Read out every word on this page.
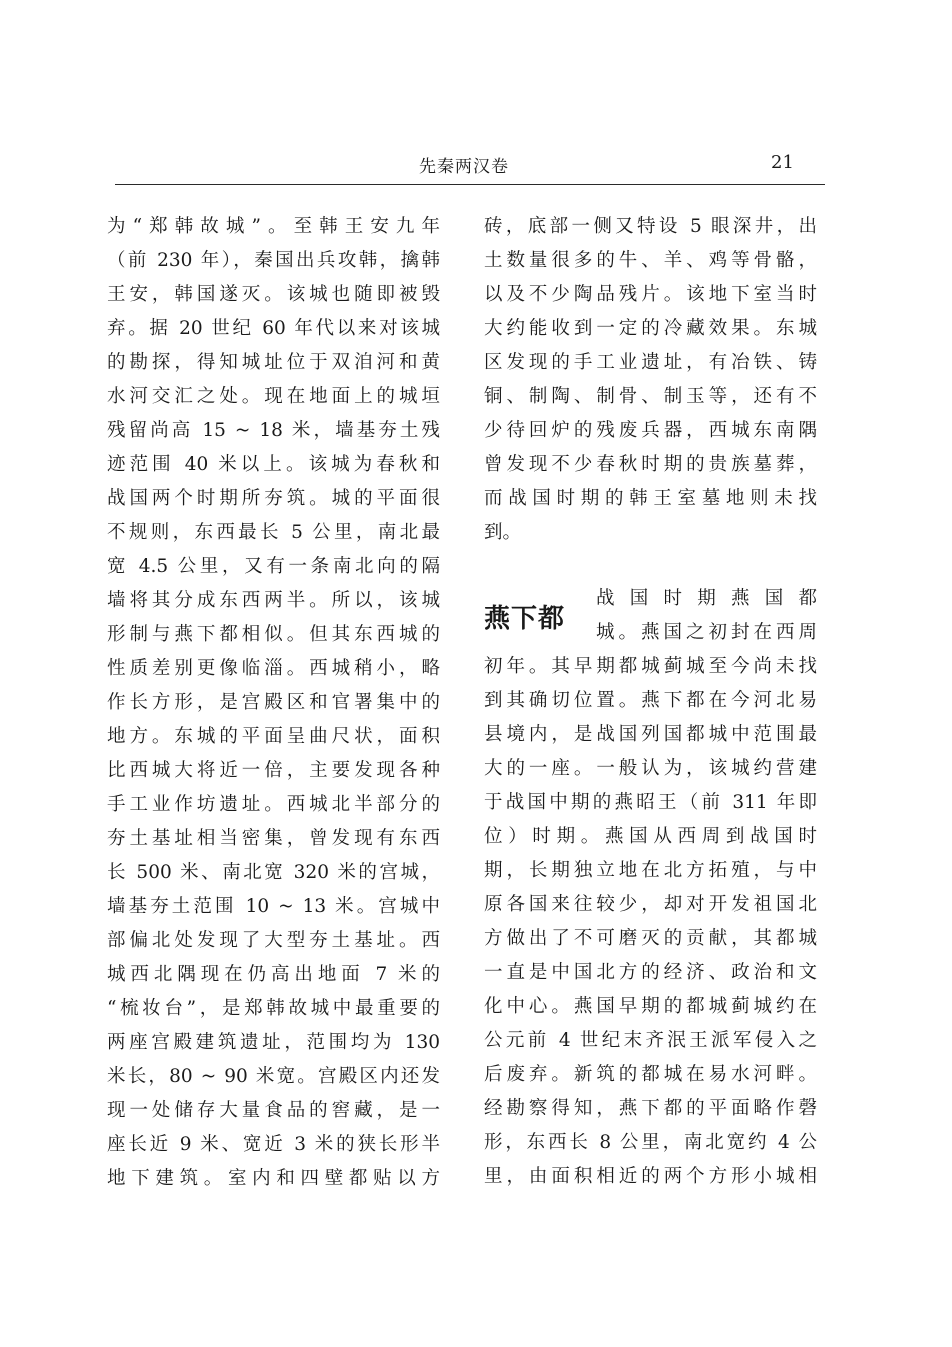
先秦两汉卷	21
为“郑韩故城”。至韩王安九年
（前 230 年），秦国出兵攻韩，擒韩
王安，韩国遂灭。该城也随即被毁
弃。据 20 世纪 60 年代以来对该城
的勘探，得知城址位于双洎河和黄
水河交汇之处。现在地面上的城垣
残留尚高 15 ~ 18 米，墙基夯土残
迹范围 40 米以上。该城为春秋和
战国两个时期所夯筑。城的平面很
不规则，东西最长 5 公里，南北最
宽 4.5 公里，又有一条南北向的隔
墙将其分成东西两半。所以，该城
形制与燕下都相似。但其东西城的
性质差别更像临淄。西城稍小，略
作长方形，是宫殿区和官署集中的
地方。东城的平面呈曲尺状，面积
比西城大将近一倍，主要发现各种
手工业作坊遗址。西城北半部分的
夯土基址相当密集，曾发现有东西
长 500 米、南北宽 320 米的宫城，
墙基夯土范围 10 ~ 13 米。宫城中
部偏北处发现了大型夯土基址。西
城西北隅现在仍高出地面 7 米的
“梳妆台”，是郑韩故城中最重要的
两座宫殿建筑遗址，范围均为 130
米长，80 ~ 90 米宽。宫殿区内还发
现一处储存大量食品的窖藏，是一
座长近 9 米、宽近 3 米的狭长形半
地下建筑。室内和四壁都贴以方
砖，底部一侧又特设 5 眼深井，出
土数量很多的牛、羊、鸡等骨骼，
以及不少陶品残片。该地下室当时
大约能收到一定的冷藏效果。东城
区发现的手工业遗址，有冶铁、铸
铜、制陶、制骨、制玉等，还有不
少待回炉的残废兵器，西城东南隅
曾发现不少春秋时期的贵族墓葬，
而战国时期的韩王室墓地则未找
到。
燕下都
战国时期燕国都
城。燕国之初封在西周
初年。其早期都城蓟城至今尚未找
到其确切位置。燕下都在今河北易
县境内，是战国列国都城中范围最
大的一座。一般认为，该城约营建
于战国中期的燕昭王（前 311 年即
位）时期。燕国从西周到战国时
期，长期独立地在北方拓殖，与中
原各国来往较少，却对开发祖国北
方做出了不可磨灭的贡献，其都城
一直是中国北方的经济、政治和文
化中心。燕国早期的都城蓟城约在
公元前 4 世纪末齐泯王派军侵入之
后废弃。新筑的都城在易水河畔。
经勘察得知，燕下都的平面略作磬
形，东西长 8 公里，南北宽约 4 公
里，由面积相近的两个方形小城相
